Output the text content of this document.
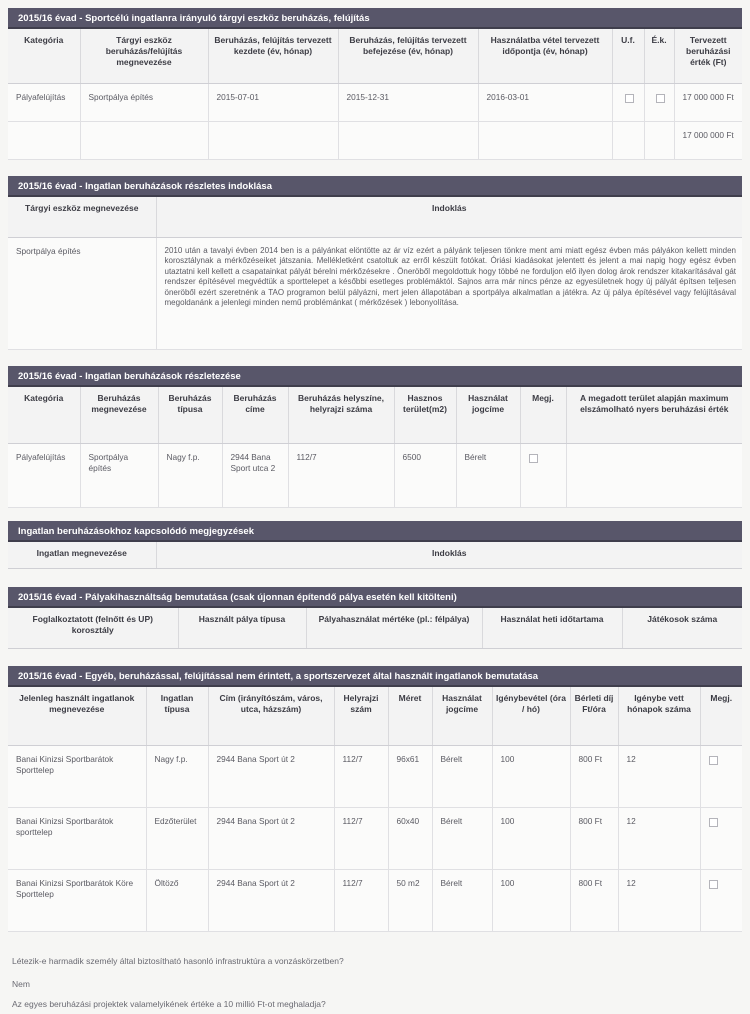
2015/16 évad - Sportcélú ingatlanra irányuló tárgyi eszköz beruházás, felújítás
Kategória	Tárgyi eszköz beruházás/felújítás megnevezése	Beruházás, felújítás tervezett kezdete (év, hónap)	Beruházás, felújítás tervezett befejezése (év, hónap)	Használatba vétel tervezett időpontja (év, hónap)	U.f.	É.k.	Tervezett beruházási érték (Ft)
Pályafelújítás	Sportpálya építés	2015-07-01	2015-12-31	2016-03-01			17 000 000 Ft
							17 000 000 Ft
2015/16 évad - Ingatlan beruházások részletes indoklása
Tárgyi eszköz megnevezése	Indoklás
Sportpálya építés	2010 után a tavalyi évben 2014 ben is a pályánkat elöntötte az ár víz ezért a pályánk teljesen tönkre ment ami miatt egész évben más pályákon kellett minden korosztálynak a mérkőzéseiket játszania. Mellékletként csatoltuk az erről készült fotókat. Óriási kiadásokat jelentett és jelent a mai napig hogy egész évben utaztatni kell kellett a csapatainkat pályát bérelni mérkőzésekre . Öneröből megoldottuk hogy többé ne forduljon elő ilyen dolog árok rendszer kitakarításával gát rendszer építésével megvédtük a sporttelepet a későbbi esetleges problémáktól. Sajnos arra már nincs pénze az egyesületnek hogy új pályát építsen teljesen öneröből ezért szeretnénk a TAO programon belül pályázni, mert jelen állapotában a sportpálya alkalmatlan a játékra. Az új pálya építésével vagy felújításával megoldanánk a jelenlegi minden nemű problémánkat ( mérkőzések ) lebonyolítása.
2015/16 évad - Ingatlan beruházások részletezése
Kategória	Beruházás megnevezése	Beruházás típusa	Beruházás címe	Beruházás helyszíne, helyrajzi száma	Hasznos terület(m2)	Használat jogcíme	Megj.	A megadott terület alapján maximum elszámolható nyers beruházási érték
Pályafelújítás	Sportpálya építés	Nagy f.p.	2944 Bana Sport utca 2	112/7	6500	Bérelt		
Ingatlan beruházásokhoz kapcsolódó megjegyzések
Ingatlan megnevezése	Indoklás
2015/16 évad - Pályakihasználtság bemutatása (csak újonnan építendő pálya esetén kell kitölteni)
Foglalkoztatott (felnőtt és UP) korosztály	Használt pálya típusa	Pályahasználat mértéke (pl.: félpálya)	Használat heti időtartama	Játékosok száma
2015/16 évad - Egyéb, beruházással, felújítással nem érintett, a sportszervezet által használt ingatlanok bemutatása
Jelenleg használt ingatlanok megnevezése	Ingatlan típusa	Cím (irányítószám, város, utca, házszám)	Helyrajzi szám	Méret	Használat jogcíme	Igénybevétel (óra / hó)	Bérleti díj Ft/óra	Igénybe vett hónapok száma	Megj.
Banai Kinizsi Sportbarátok Sporttelep	Nagy f.p.	2944 Bana Sport út 2	112/7	96x61	Bérelt	100	800 Ft	12	
Banai Kinizsi Sportbarátok sporttelep	Edzőterület	2944 Bana Sport út 2	112/7	60x40	Bérelt	100	800 Ft	12	
Banai Kinizsi Sportbarátok Köre Sporttelep	Öltöző	2944 Bana Sport út 2	112/7	50 m2	Bérelt	100	800 Ft	12	
Létezik-e harmadik személy által biztosítható hasonló infrastruktúra a vonzáskörzetben?
Nem
Az egyes beruházási projektek valamelyikének értéke a 10 millió Ft-ot meghaladja?
